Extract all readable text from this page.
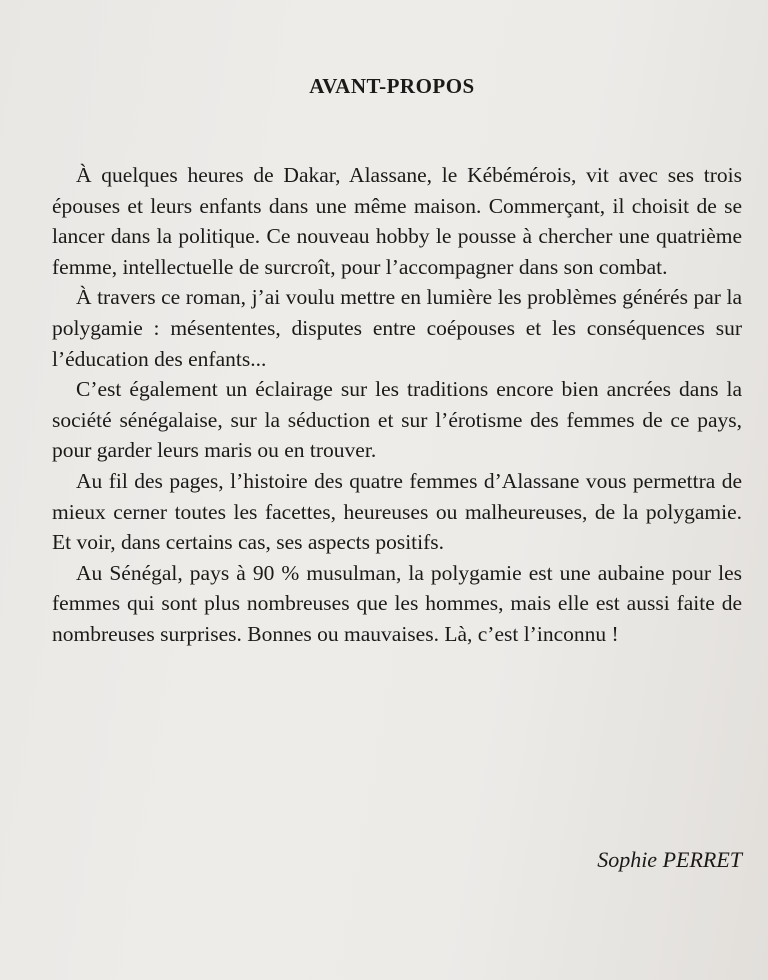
AVANT-PROPOS

À quelques heures de Dakar, Alassane, le Kébémérois, vit avec ses trois épouses et leurs enfants dans une même maison. Commerçant, il choisit de se lancer dans la politique. Ce nouveau hobby le pousse à chercher une quatrième femme, intellectuelle de surcroît, pour l’accompagner dans son combat.

À travers ce roman, j’ai voulu mettre en lumière les problèmes générés par la polygamie : mésententes, disputes entre coépouses et les conséquences sur l’éducation des enfants...

C’est également un éclairage sur les traditions encore bien ancrées dans la société sénégalaise, sur la séduction et sur l’érotisme des femmes de ce pays, pour garder leurs maris ou en trouver.

Au fil des pages, l’histoire des quatre femmes d’Alassane vous permettra de mieux cerner toutes les facettes, heureuses ou malheureuses, de la polygamie. Et voir, dans certains cas, ses aspects positifs.

Au Sénégal, pays à 90 % musulman, la polygamie est une aubaine pour les femmes qui sont plus nombreuses que les hommes, mais elle est aussi faite de nombreuses surprises. Bonnes ou mauvaises. Là, c’est l’inconnu !

Sophie PERRET
